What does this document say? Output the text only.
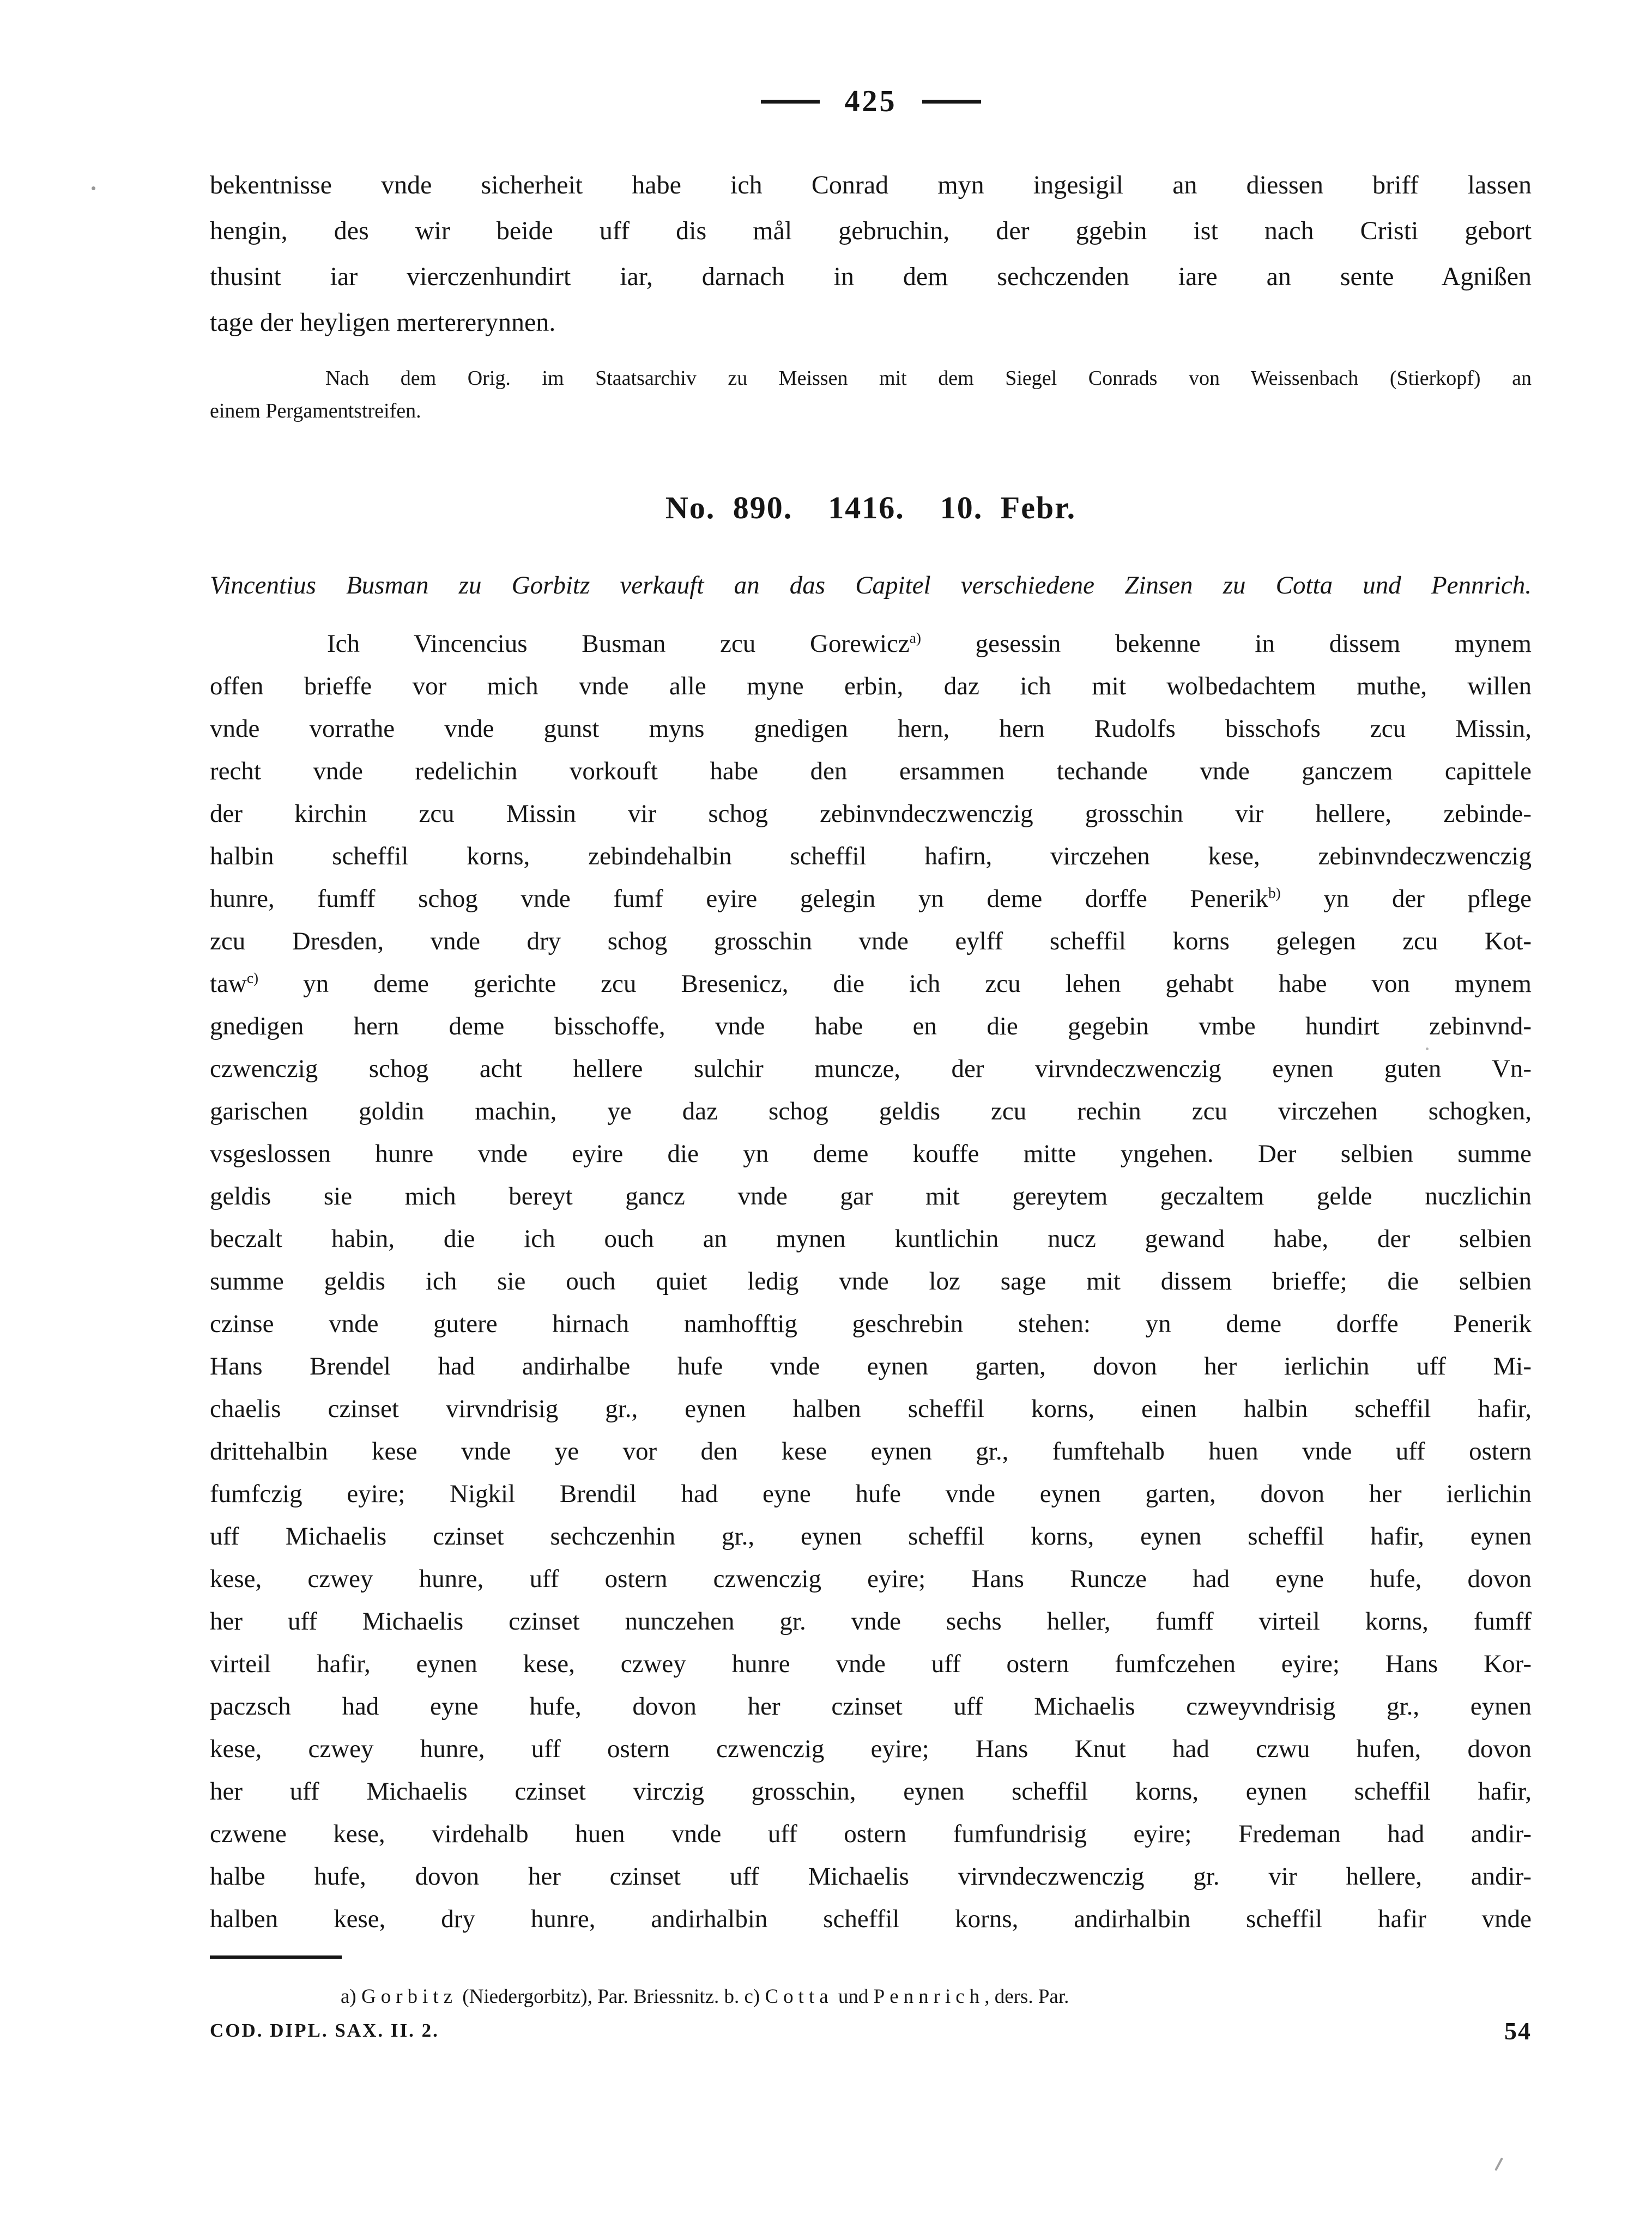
425
bekentnisse vnde sicherheit habe ich Conrad myn ingesigil an diessen briff lassen
hengin, des wir beide uff dis mål gebruchin, der ggebin ist nach Cristi gebort
thusint iar vierczenhundirt iar, darnach in dem sechczenden iare an sente Agnißen
tage der heyligen mertererynnen.
Nach dem Orig. im Staatsarchiv zu Meissen mit dem Siegel Conrads von Weissenbach (Stierkopf) an
einem Pergamentstreifen.
No. 890.  1416.  10. Febr.
Vincentius Busman zu Gorbitz verkauft an das Capitel verschiedene Zinsen zu Cotta und Pennrich.
Ich Vincencius Busman zcu Gorewicz$^{a)}$ gesessin bekenne in dissem mynem
offen brieffe vor mich vnde alle myne erbin, daz ich mit wolbedachtem muthe, willen
vnde vorrathe vnde gunst myns gnedigen hern, hern Rudolfs bisschofs zcu Missin,
recht vnde redelichin vorkouft habe den ersammen techande vnde ganczem capittele
der kirchin zcu Missin vir schog zebinvndeczwenczig grosschin vir hellere, zebinde-
halbin scheffil korns, zebindehalbin scheffil hafirn, virczehen kese, zebinvndeczwenczig
hunre, fumff schog vnde fumf eyire gelegin yn deme dorffe Penerik$^{b)}$ yn der pflege
zcu Dresden, vnde dry schog grosschin vnde eylff scheffil korns gelegen zcu Kot-
taw$^{c)}$ yn deme gerichte zcu Bresenicz, die ich zcu lehen gehabt habe von mynem
gnedigen hern deme bisschoffe, vnde habe en die gegebin vmbe hundirt zebinvnd-
czwenczig schog acht hellere sulchir muncze, der virvndeczwenczig eynen guten Vn-
garischen goldin machin, ye daz schog geldis zcu rechin zcu virczehen schogken,
vsgeslossen hunre vnde eyire die yn deme kouffe mitte yngehen. Der selbien summe
geldis sie mich bereyt gancz vnde gar mit gereytem geczaltem gelde nuczlichin
beczalt habin, die ich ouch an mynen kuntlichin nucz gewand habe, der selbien
summe geldis ich sie ouch quiet ledig vnde loz sage mit dissem brieffe; die selbien
czinse vnde gutere hirnach namhofftig geschrebin stehen: yn deme dorffe Penerik
Hans Brendel had andirhalbe hufe vnde eynen garten, dovon her ierlichin uff Mi-
chaelis czinset virvndrisig gr., eynen halben scheffil korns, einen halbin scheffil hafir,
drittehalbin kese vnde ye vor den kese eynen gr., fumftehalb huen vnde uff ostern
fumfczig eyire; Nigkil Brendil had eyne hufe vnde eynen garten, dovon her ierlichin
uff Michaelis czinset sechczenhin gr., eynen scheffil korns, eynen scheffil hafir, eynen
kese, czwey hunre, uff ostern czwenczig eyire; Hans Runcze had eyne hufe, dovon
her uff Michaelis czinset nunczehen gr. vnde sechs heller, fumff virteil korns, fumff
virteil hafir, eynen kese, czwey hunre vnde uff ostern fumfczehen eyire; Hans Kor-
paczsch had eyne hufe, dovon her czinset uff Michaelis czweyvndrisig gr., eynen
kese, czwey hunre, uff ostern czwenczig eyire; Hans Knut had czwu hufen, dovon
her uff Michaelis czinset virczig grosschin, eynen scheffil korns, eynen scheffil hafir,
czwene kese, virdehalb huen vnde uff ostern fumfundrisig eyire; Fredeman had andir-
halbe hufe, dovon her czinset uff Michaelis virvndeczwenczig gr. vir hellere, andir-
halben kese, dry hunre, andirhalbin scheffil korns, andirhalbin scheffil hafir vnde
a) Gorbitz (Niedergorbitz), Par. Briessnitz. b. c) Cotta und Pennrich, ders. Par.
COD. DIPL. SAX. II. 2.	54
